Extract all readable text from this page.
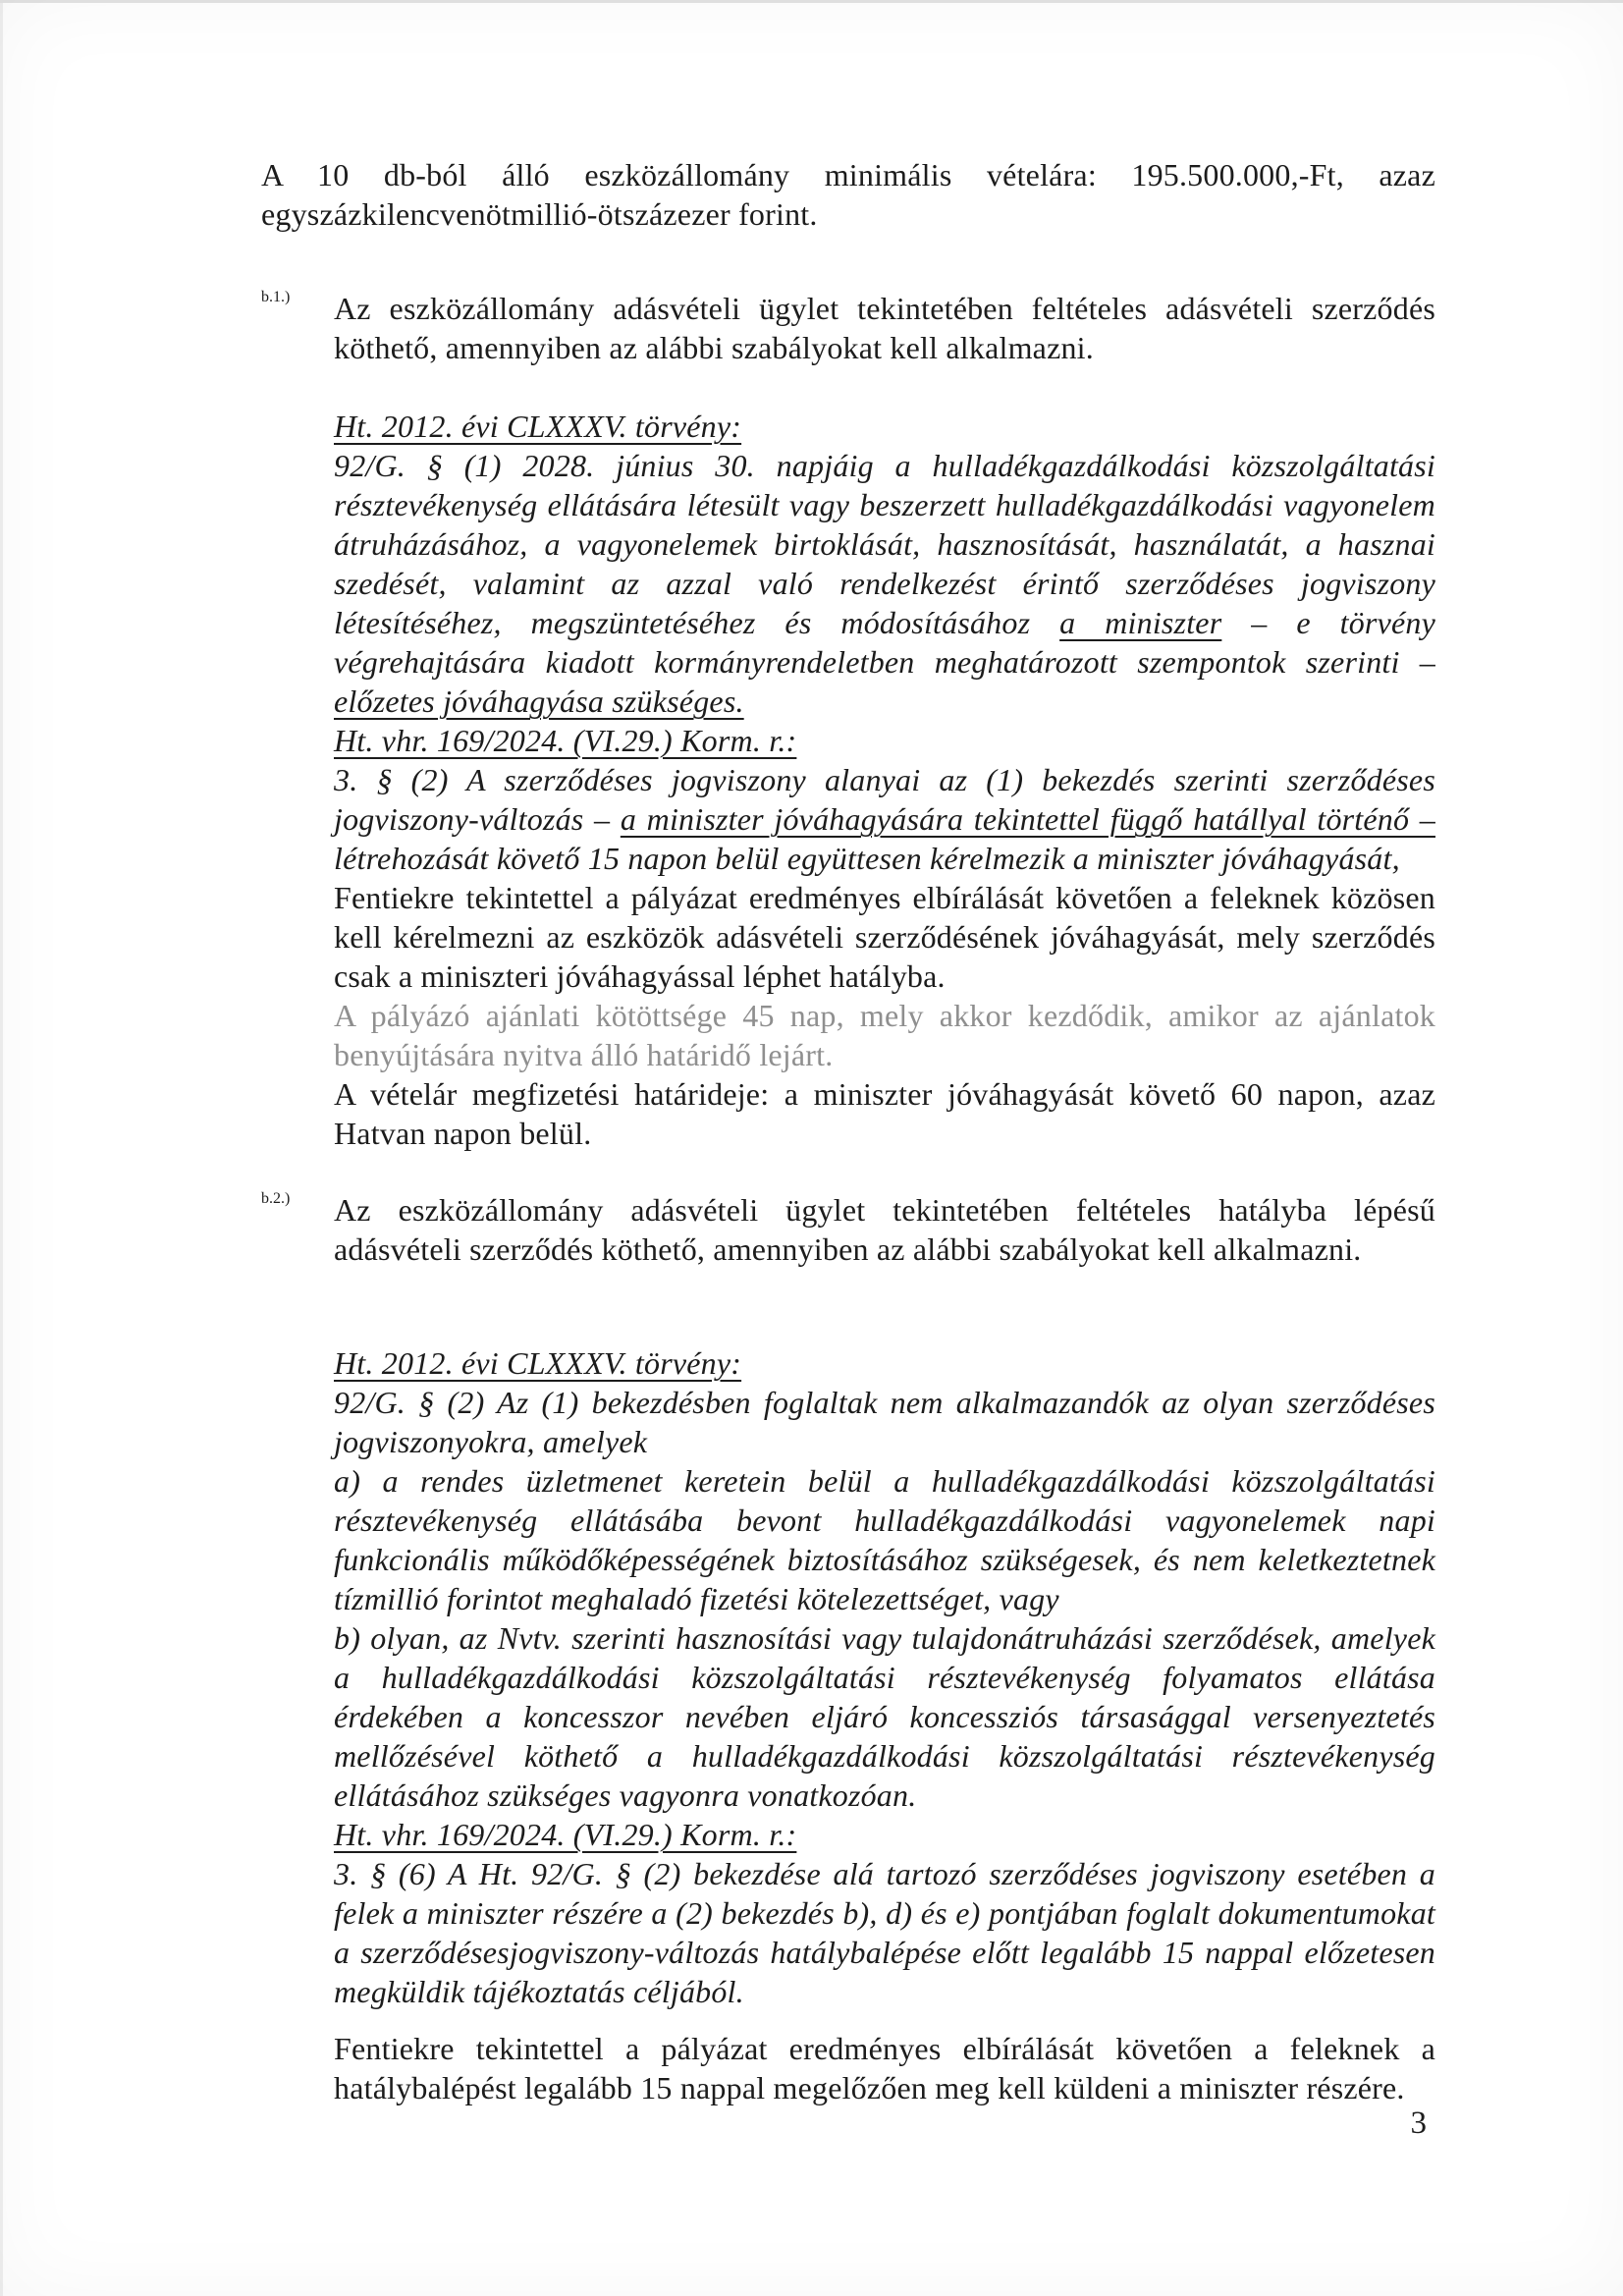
A 10 db-ból álló eszközállomány minimális vételára: 195.500.000,-Ft, azaz egyszázkilencvenötmillió-ötszázezer forint.

b.1.) Az eszközállomány adásvételi ügylet tekintetében feltételes adásvételi szerződés köthető, amennyiben az alábbi szabályokat kell alkalmazni.

Ht. 2012. évi CLXXXV. törvény:

92/G. § (1) 2028. június 30. napjáig a hulladékgazdálkodási közszolgáltatási résztevékenység ellátására létesült vagy beszerzett hulladékgazdálkodási vagyonelem átruházásához, a vagyonelemek birtoklását, hasznosítását, használatát, a hasznai szedését, valamint az azzal való rendelkezést érintő szerződéses jogviszony létesítéséhez, megszüntetéséhez és módosításához a miniszter – e törvény végrehajtására kiadott kormányrendeletben meghatározott szempontok szerinti – előzetes jóváhagyása szükséges.

Ht. vhr. 169/2024. (VI.29.) Korm. r.:

3. § (2) A szerződéses jogviszony alanyai az (1) bekezdés szerinti szerződéses jogviszony-változás – a miniszter jóváhagyására tekintettel függő hatállyal történő – létrehozását követő 15 napon belül együttesen kérelmezik a miniszter jóváhagyását,

Fentiekre tekintettel a pályázat eredményes elbírálását követően a feleknek közösen kell kérelmezni az eszközök adásvételi szerződésének jóváhagyását, mely szerződés csak a miniszteri jóváhagyással léphet hatályba.

A pályázó ajánlati kötöttsége 45 nap, mely akkor kezdődik, amikor az ajánlatok benyújtására nyitva álló határidő lejárt.

A vételár megfizetési határideje: a miniszter jóváhagyását követő 60 napon, azaz Hatvan napon belül.

b.2.) Az eszközállomány adásvételi ügylet tekintetében feltételes hatályba lépésű adásvételi szerződés köthető, amennyiben az alábbi szabályokat kell alkalmazni.

Ht. 2012. évi CLXXXV. törvény:

92/G. § (2) Az (1) bekezdésben foglaltak nem alkalmazandók az olyan szerződéses jogviszonyokra, amelyek

a) a rendes üzletmenet keretein belül a hulladékgazdálkodási közszolgáltatási résztevékenység ellátásába bevont hulladékgazdálkodási vagyonelemek napi funkcionális működőképességének biztosításához szükségesek, és nem keletkeztetnek tízmillió forintot meghaladó fizetési kötelezettséget, vagy

b) olyan, az Nvtv. szerinti hasznosítási vagy tulajdonátruházási szerződések, amelyek a hulladékgazdálkodási közszolgáltatási résztevékenység folyamatos ellátása érdekében a koncesszor nevében eljáró koncessziós társasággal versenyeztetés mellőzésével köthető a hulladékgazdálkodási közszolgáltatási résztevékenység ellátásához szükséges vagyonra vonatkozóan.

Ht. vhr. 169/2024. (VI.29.) Korm. r.:

3. § (6) A Ht. 92/G. § (2) bekezdése alá tartozó szerződéses jogviszony esetében a felek a miniszter részére a (2) bekezdés b), d) és e) pontjában foglalt dokumentumokat a szerződésesjogviszony-változás hatálybalépése előtt legalább 15 nappal előzetesen megküldik tájékoztatás céljából.

Fentiekre tekintettel a pályázat eredményes elbírálását követően a feleknek a hatálybalépést legalább 15 nappal megelőzően meg kell küldeni a miniszter részére.

3
